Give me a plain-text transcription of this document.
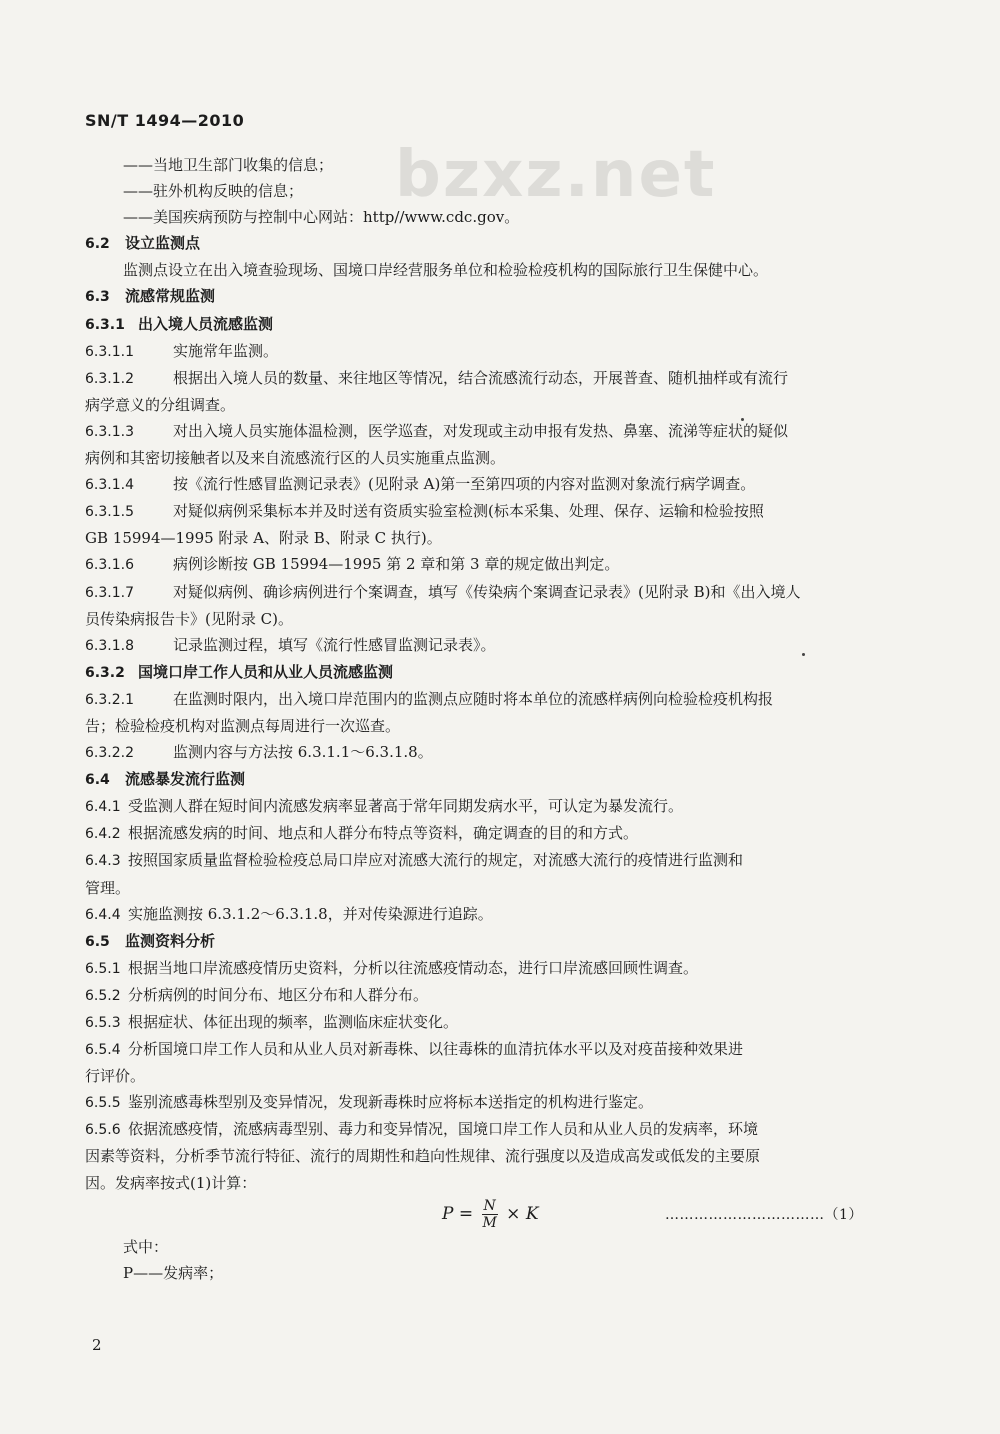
SN/T 1494—2010
bzxz.net
——当地卫生部门收集的信息；
——驻外机构反映的信息；
——美国疾病预防与控制中心网站：http//www.cdc.gov。
6.2 设立监测点
监测点设立在出入境查验现场、国境口岸经营服务单位和检验检疫机构的国际旅行卫生保健中心。
6.3 流感常规监测
6.3.1 出入境人员流感监测
6.3.1.1	实施常年监测。
6.3.1.2	根据出入境人员的数量、来往地区等情况，结合流感流行动态，开展普查、随机抽样或有流行
病学意义的分组调查。
6.3.1.3	对出入境人员实施体温检测，医学巡查，对发现或主动申报有发热、鼻塞、流涕等症状的疑似
病例和其密切接触者以及来自流感流行区的人员实施重点监测。
6.3.1.4	按《流行性感冒监测记录表》(见附录 A)第一至第四项的内容对监测对象流行病学调查。
6.3.1.5	对疑似病例采集标本并及时送有资质实验室检测(标本采集、处理、保存、运输和检验按照
GB 15994—1995 附录 A、附录 B、附录 C 执行)。
6.3.1.6	病例诊断按 GB 15994—1995 第 2 章和第 3 章的规定做出判定。
6.3.1.7	对疑似病例、确诊病例进行个案调查，填写《传染病个案调查记录表》(见附录 B)和《出入境人
员传染病报告卡》(见附录 C)。
6.3.1.8	记录监测过程，填写《流行性感冒监测记录表》。
6.3.2 国境口岸工作人员和从业人员流感监测
6.3.2.1	在监测时限内，出入境口岸范围内的监测点应随时将本单位的流感样病例向检验检疫机构报
告；检验检疫机构对监测点每周进行一次巡查。
6.3.2.2	监测内容与方法按 6.3.1.1～6.3.1.8。
6.4 流感暴发流行监测
6.4.1 受监测人群在短时间内流感发病率显著高于常年同期发病水平，可认定为暴发流行。
6.4.2 根据流感发病的时间、地点和人群分布特点等资料，确定调查的目的和方式。
6.4.3 按照国家质量监督检验检疫总局口岸应对流感大流行的规定，对流感大流行的疫情进行监测和
管理。
6.4.4 实施监测按 6.3.1.2～6.3.1.8，并对传染源进行追踪。
6.5 监测资料分析
6.5.1 根据当地口岸流感疫情历史资料，分析以往流感疫情动态，进行口岸流感回顾性调查。
6.5.2 分析病例的时间分布、地区分布和人群分布。
6.5.3 根据症状、体征出现的频率，监测临床症状变化。
6.5.4 分析国境口岸工作人员和从业人员对新毒株、以往毒株的血清抗体水平以及对疫苗接种效果进
行评价。
6.5.5 鉴别流感毒株型别及变异情况，发现新毒株时应将标本送指定的机构进行鉴定。
6.5.6 依据流感疫情，流感病毒型别、毒力和变异情况，国境口岸工作人员和从业人员的发病率，环境
因素等资料，分析季节流行特征、流行的周期性和趋向性规律、流行强度以及造成高发或低发的主要原
因。发病率按式(1)计算：
$P = \frac{N}{M} \times K$	……………………………（1）
式中：
P——发病率；
2
